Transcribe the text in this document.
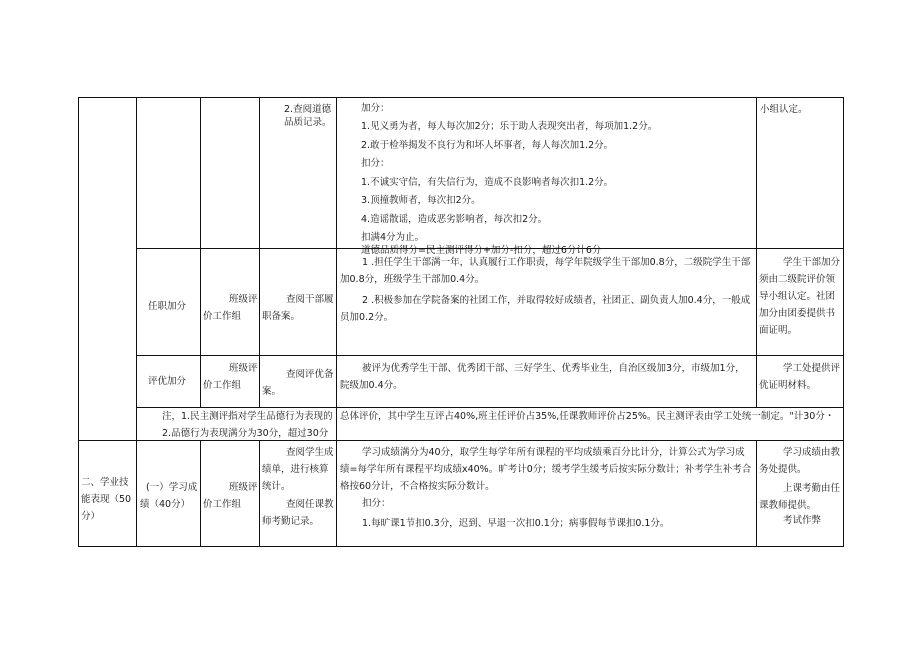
2.查阅道德品质记录。
加分：
1.见义勇为者，每人每次加2分；乐于助人表现突出者，每项加1.2分。
2.敢于检举揭发不良行为和坏人坏事者，每人每次加1.2分。
扣分：
1.不诚实守信，有失信行为，造成不良影响者每次扣1.2分。
3.顶撞教师者，每次扣2分。
4.造谣散谣，造成恶劣影响者，每次扣2分。
扣满4分为止。
道德品质得分=民主测评得分+加分-扣分，超过6分计6分
小组认定。
任职加分
班级评价工作组
查阅干部履职备案。
1 .担任学生干部满一年，认真履行工作职责，每学年院级学生干部加0.8分，二级院学生干部加0.8分，班级学生干部加0.4分。
2 .积极参加在学院备案的社团工作，并取得较好成绩者，社团正、副负责人加0.4分，一般成员加0.2分。
学生干部加分须由二级院评价领导小组认定。社团加分由团委提供书面证明。
评优加分
班级评价工作组
查阅评优备案。
被评为优秀学生干部、优秀团干部、三好学生、优秀毕业生，自治区级加3分，市级加1分，院级加0.4分。
学工处提供评优证明材料。
注，1.民主测评指对学生品德行为表现的
2.品德行为表现满分为30分，超过30分
总体评价，其中学生互评占40%,班主任评价占35%,任课教师评价占25%。民主测评表由学工处统一制定。"计30分・
二、学业技能表现（50分）
(一）学习成绩（40分）
班级评价工作组
查阅学生成绩单，进行核算统计。
查阅任课教师考勤记录。
学习成绩满分为40分，取学生每学年所有课程的平均成绩乘百分比计分，计算公式为学习成绩=每学年所有课程平均成绩x40%。旷考计0分；缓考学生缓考后按实际分数计；补考学生补考合格按60分计，不合格按实际分数计。
扣分：
1.每旷课1节扣0.3分，迟到、早退一次扣0.1分；病事假每节课扣0.1分。
学习成绩由教务处提供。
上课考勤由任课教师提供。
考试作弊
